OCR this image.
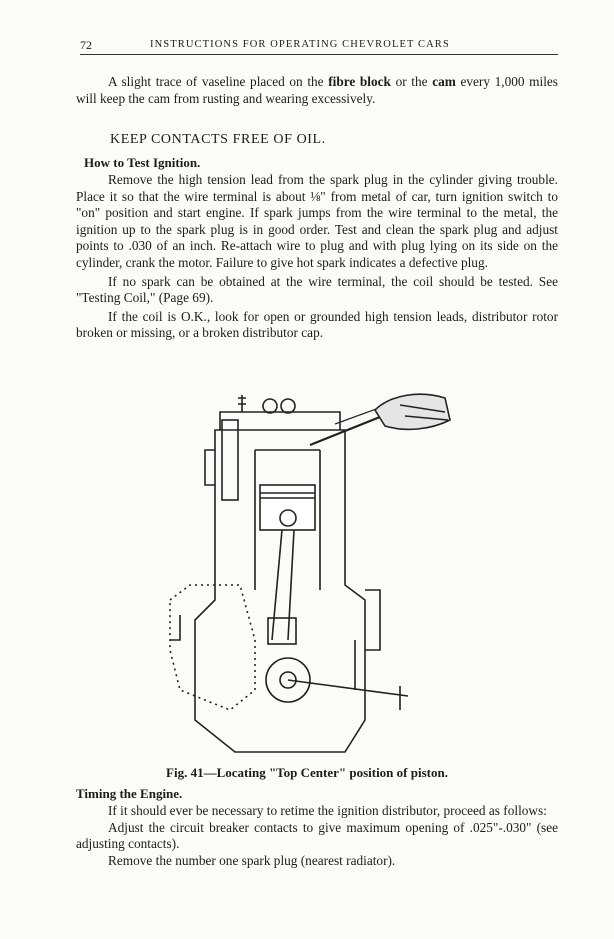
72	INSTRUCTIONS FOR OPERATING CHEVROLET CARS

A slight trace of vaseline placed on the fibre block or the cam every 1,000 miles will keep the cam from rusting and wearing excessively.

KEEP CONTACTS FREE OF OIL.
How to Test Ignition.

Remove the high tension lead from the spark plug in the cylinder giving trouble. Place it so that the wire terminal is about ⅛" from metal of car, turn ignition switch to "on" position and start engine. If spark jumps from the wire terminal to the metal, the ignition up to the spark plug is in good order. Test and clean the spark plug and adjust points to .030 of an inch. Re-attach wire to plug and with plug lying on its side on the cylinder, crank the motor. Failure to give hot spark indicates a defective plug.

If no spark can be obtained at the wire terminal, the coil should be tested. See "Testing Coil," (Page 69).

If the coil is O.K., look for open or grounded high tension leads, distributor rotor broken or missing, or a broken distributor cap.

Fig. 41—Locating "Top Center" position of piston.
Timing the Engine.

If it should ever be necessary to retime the ignition distributor, proceed as follows:

Adjust the circuit breaker contacts to give maximum opening of .025"-.030" (see adjusting contacts).

Remove the number one spark plug (nearest radiator).
